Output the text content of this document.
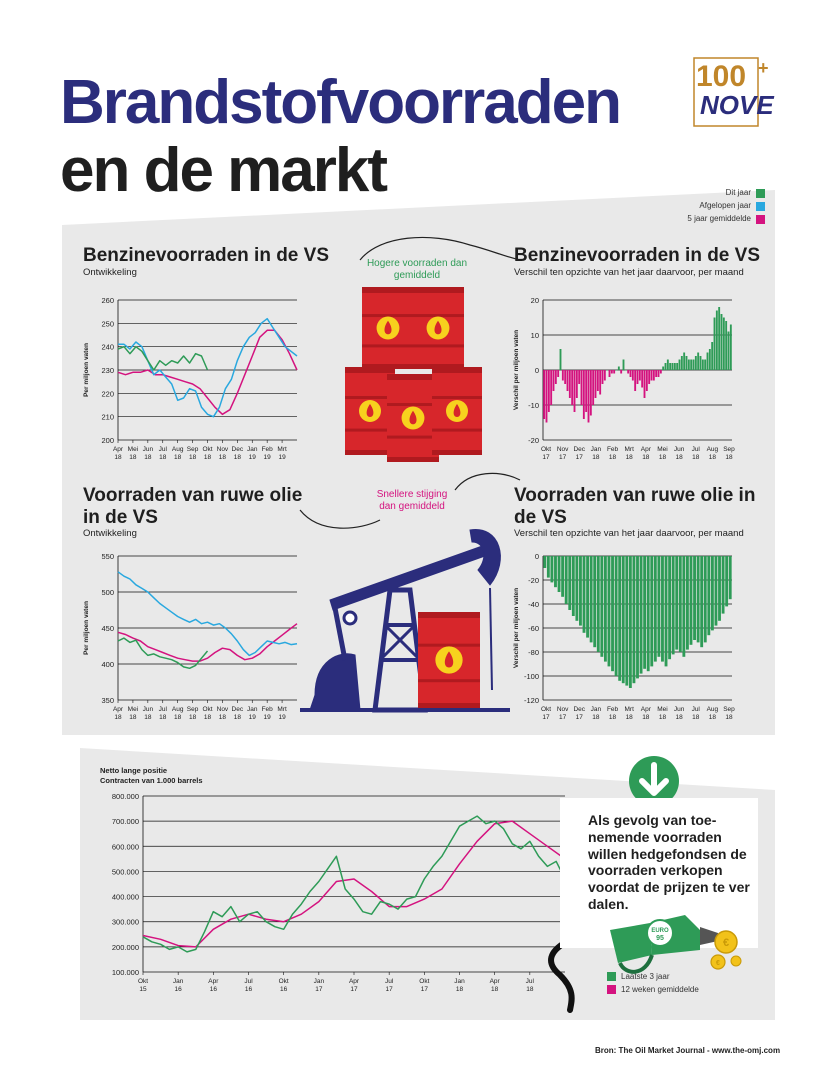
Brandstofvoorraden
en de markt
100 +
NOVE
Dit jaar
Afgelopen jaar
5 jaar gemiddelde
Benzinevoorraden in de VS
Ontwikkeling
Benzinevoorraden in de VS
Verschil ten opzichte van het jaar daarvoor, per maand
Voorraden van ruwe olie in de VS
Ontwikkeling
Voorraden van ruwe olie in de VS
Verschil ten opzichte van het jaar daarvoor, per maand
Netto lange positie
Contracten van 1.000 barrels
Hogere voorraden dan gemiddeld
Snellere stijging dan gemiddeld
200
210
220
230
240
250
260
Apr
18
Mei
18
Jun
18
Jul
18
Aug
18
Sep
18
Okt
18
Nov
18
Dec
18
Jan
19
Feb
19
Mrt
19
Per miljoen vaten
-20
-10
0
10
20
Okt
17
Nov
17
Dec
17
Jan
18
Feb
18
Mrt
18
Apr
18
Mei
18
Jun
18
Jul
18
Aug
18
Sep
18
Verschil per miljoen vaten
350
400
450
500
550
Apr
18
Mei
18
Jun
18
Jul
18
Aug
18
Sep
18
Okt
18
Nov
18
Dec
18
Jan
19
Feb
19
Mrt
19
Per miljoen vaten
-120
-100
-80
-60
-40
-20
0
Okt
17
Nov
17
Dec
17
Jan
18
Feb
18
Mrt
18
Apr
18
Mei
18
Jun
18
Jul
18
Aug
18
Sep
18
Verschil per miljoen vaten
100.000
200.000
300.000
400.000
500.000
600.000
700.000
800.000
Okt
15
Jan
16
Apr
16
Jul
16
Okt
16
Jan
17
Apr
17
Jul
17
Okt
17
Jan
18
Apr
18
Jul
18
Als gevolg van toe-nemende voorraden willen hedgefondsen de voorraden verkopen voordat de prijzen te ver dalen.
EURO
95	€
€
Laatste 3 jaar
12 weken gemiddelde
Bron: The Oil Market Journal - www.the-omj.com
